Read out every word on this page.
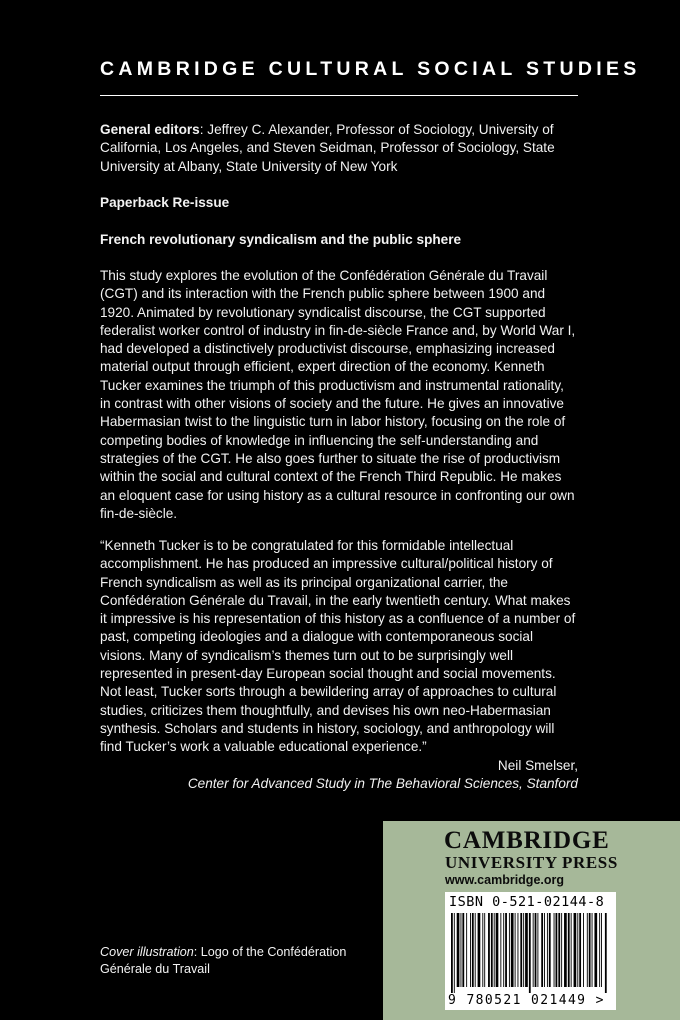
CAMBRIDGE CULTURAL SOCIAL STUDIES
General editors: Jeffrey C. Alexander, Professor of Sociology, University of California, Los Angeles, and Steven Seidman, Professor of Sociology, State University at Albany, State University of New York
Paperback Re-issue
French revolutionary syndicalism and the public sphere
This study explores the evolution of the Confédération Générale du Travail (CGT) and its interaction with the French public sphere between 1900 and 1920. Animated by revolutionary syndicalist discourse, the CGT supported federalist worker control of industry in fin-de-siècle France and, by World War I, had developed a distinctively productivist discourse, emphasizing increased material output through efficient, expert direction of the economy. Kenneth Tucker examines the triumph of this productivism and instrumental rationality, in contrast with other visions of society and the future. He gives an innovative Habermasian twist to the linguistic turn in labor history, focusing on the role of competing bodies of knowledge in influencing the self-understanding and strategies of the CGT. He also goes further to situate the rise of productivism within the social and cultural context of the French Third Republic. He makes an eloquent case for using history as a cultural resource in confronting our own fin-de-siècle.
“Kenneth Tucker is to be congratulated for this formidable intellectual accomplishment. He has produced an impressive cultural/political history of French syndicalism as well as its principal organizational carrier, the Confédération Générale du Travail, in the early twentieth century. What makes it impressive is his representation of this history as a confluence of a number of past, competing ideologies and a dialogue with contemporaneous social visions. Many of syndicalism’s themes turn out to be surprisingly well represented in present-day European social thought and social movements. Not least, Tucker sorts through a bewildering array of approaches to cultural studies, criticizes them thoughtfully, and devises his own neo-Habermasian synthesis. Scholars and students in history, sociology, and anthropology will find Tucker’s work a valuable educational experience.”
Neil Smelser,
Center for Advanced Study in The Behavioral Sciences, Stanford
Cover illustration: Logo of the Confédération Générale du Travail
CAMBRIDGE
UNIVERSITY PRESS
www.cambridge.org
ISBN 0-521-02144-8
9 780521 021449 >
